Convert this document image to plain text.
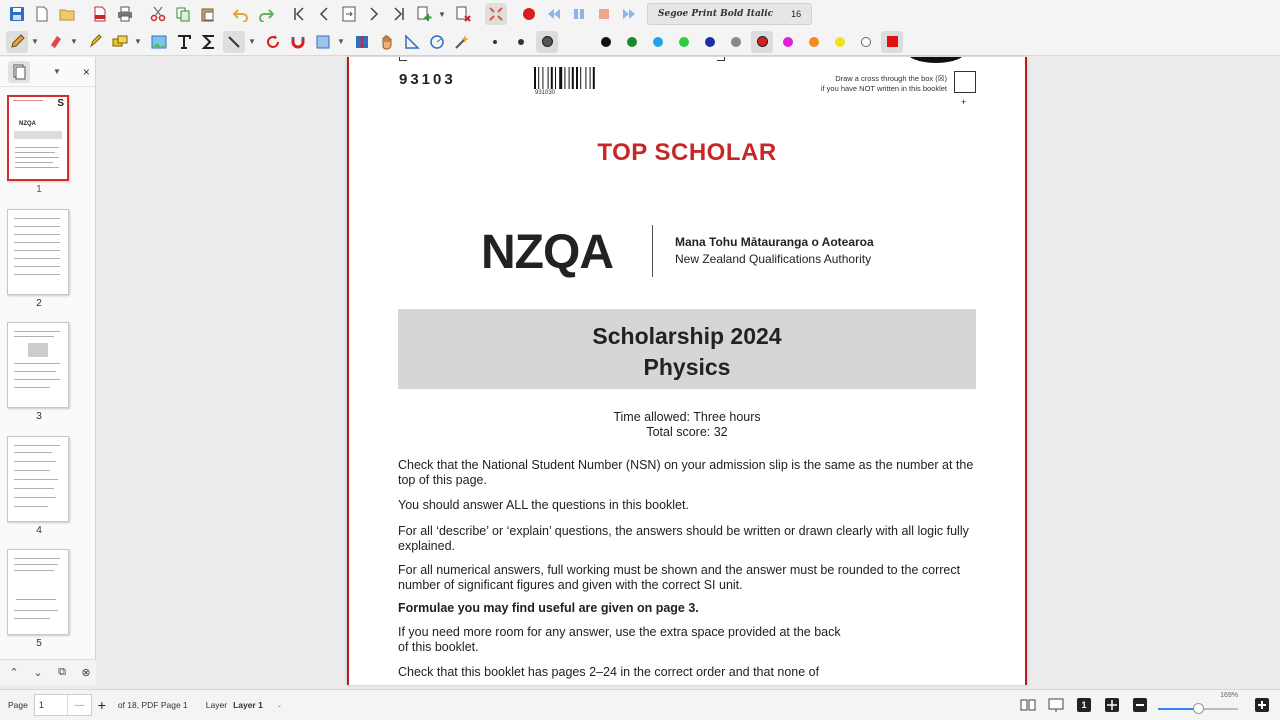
▼	Segoe Print Bold Italic 16
▼	▼	▼	▼	▼
▼ ×
S
NZQA
1
2
3
4
5
⌃	⌄	⧉	⊗
93103
931030
Draw a cross through the box (☒)
if you have NOT written in this booklet
+
TOP SCHOLAR
NZQA	Mana Tohu Mātauranga o Aotearoa
New Zealand Qualifications Authority
Scholarship 2024
Physics
Time allowed: Three hours
Total score: 32
Check that the National Student Number (NSN) on your admission slip is the same as the number at the top of this page.
You should answer ALL the questions in this booklet.
For all ‘describe’ or ‘explain’ questions, the answers should be written or drawn clearly with all logic fully explained.
For all numerical answers, full working must be shown and the answer must be rounded to the correct number of significant figures and given with the correct SI unit.
Formulae you may find useful are given on page 3.
If you need more room for any answer, use the extra space provided at the back of this booklet.
Check that this booklet has pages 2–24 in the correct order and that none of
Page 1	— +	of 18, PDF Page 1 Layer Layer 1 ⌄	1
169%
